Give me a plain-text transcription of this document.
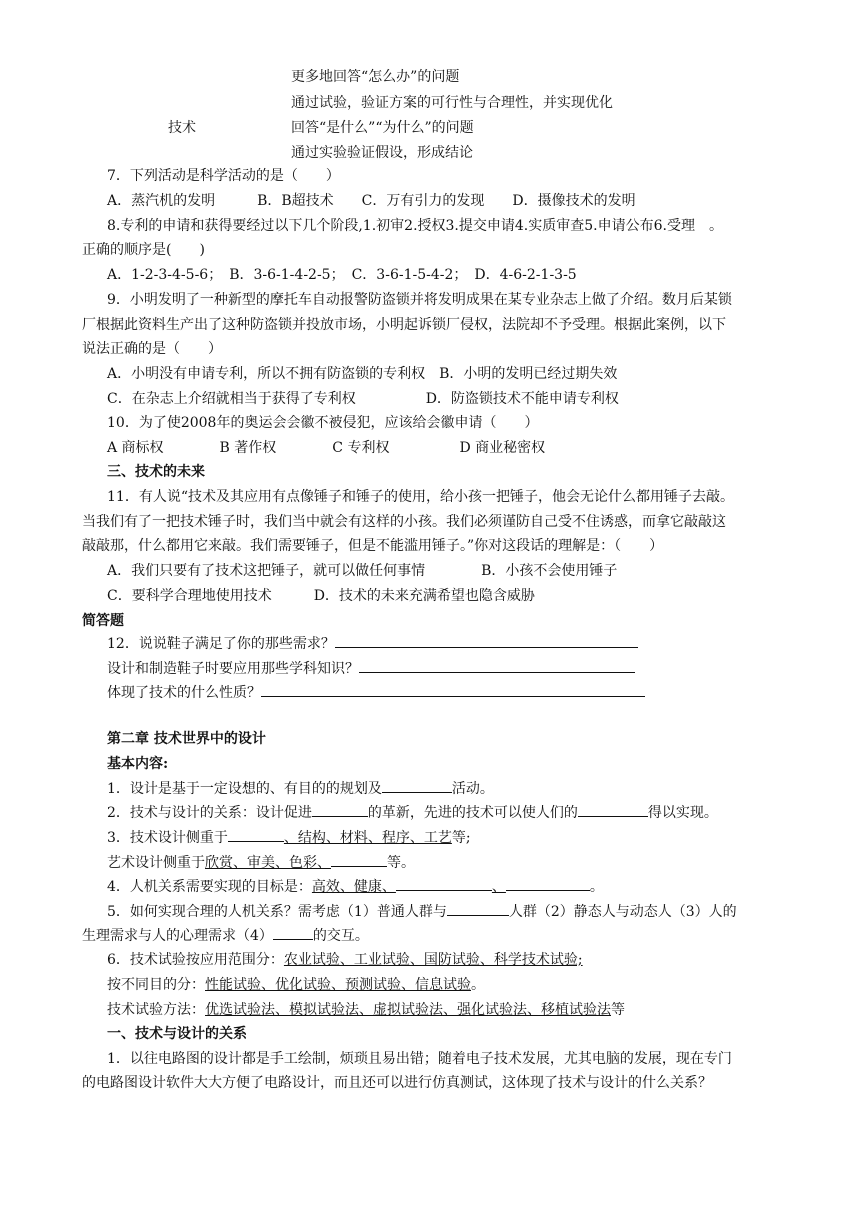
更多地回答“怎么办”的问题
通过试验，验证方案的可行性与合理性，并实现优化
技术	回答“是什么”“为什么”的问题
通过实验验证假设，形成结论
7．下列活动是科学活动的是（　　）
A．蒸汽机的发明　　　B．B超技术　　C．万有引力的发现　　D．摄像技术的发明
8.专利的申请和获得要经过以下几个阶段,1.初审2.授权3.提交申请4.实质审查5.申请公布6.受理　。
正确的顺序是(　　)
A．1-2-3-4-5-6；　B．3-6-1-4-2-5；　C．3-6-1-5-4-2；　D．4-6-2-1-3-5
9．小明发明了一种新型的摩托车自动报警防盗锁并将发明成果在某专业杂志上做了介绍。数月后某锁
厂根据此资料生产出了这种防盗锁并投放市场，小明起诉锁厂侵权，法院却不予受理。根据此案例，以下
说法正确的是（　　）
A．小明没有申请专利，所以不拥有防盗锁的专利权　B．小明的发明已经过期失效
C．在杂志上介绍就相当于获得了专利权　　　　　D．防盗锁技术不能申请专利权
10．为了使2008年的奥运会会徽不被侵犯，应该给会徽申请（　　）
A 商标权　　　　B 著作权　　　　C 专利权　　　　　D 商业秘密权
三、技术的未来
11．有人说“技术及其应用有点像锤子和锤子的使用，给小孩一把锤子，他会无论什么都用锤子去敲。
当我们有了一把技术锤子时，我们当中就会有这样的小孩。我们必须谨防自己受不住诱惑，而拿它敲敲这
敲敲那，什么都用它来敲。我们需要锤子，但是不能滥用锤子。”你对这段话的理解是：（　　）
A．我们只要有了技术这把锤子，就可以做任何事情　　　　B．小孩不会使用锤子
C．要科学合理地使用技术　　　D．技术的未来充满希望也隐含威胁
简答题
12．说说鞋子满足了你的那些需求？
设计和制造鞋子时要应用那些学科知识？
体现了技术的什么性质？
第二章 技术世界中的设计
基本内容:
1．设计是基于一定设想的、有目的的规划及	活动。
2．技术与设计的关系：设计促进	的革新，先进的技术可以使人们的	得以实现。
3．技术设计侧重于	、结构、材料、程序、工艺等;
艺术设计侧重于欣赏、审美、色彩、	等。
4．人机关系需要实现的目标是：高效、健康、	、	。
5．如何实现合理的人机关系？需考虑（1）普通人群与	人群（2）静态人与动态人（3）人的
生理需求与人的心理需求（4）	的交互。
6．技术试验按应用范围分：农业试验、工业试验、国防试验、科学技术试验;
按不同目的分：性能试验、优化试验、预测试验、信息试验。
技术试验方法：优选试验法、模拟试验法、虚拟试验法、强化试验法、移植试验法等
一、技术与设计的关系
1．以往电路图的设计都是手工绘制，烦琐且易出错；随着电子技术发展，尤其电脑的发展，现在专门
的电路图设计软件大大方便了电路设计，而且还可以进行仿真测试，这体现了技术与设计的什么关系？
